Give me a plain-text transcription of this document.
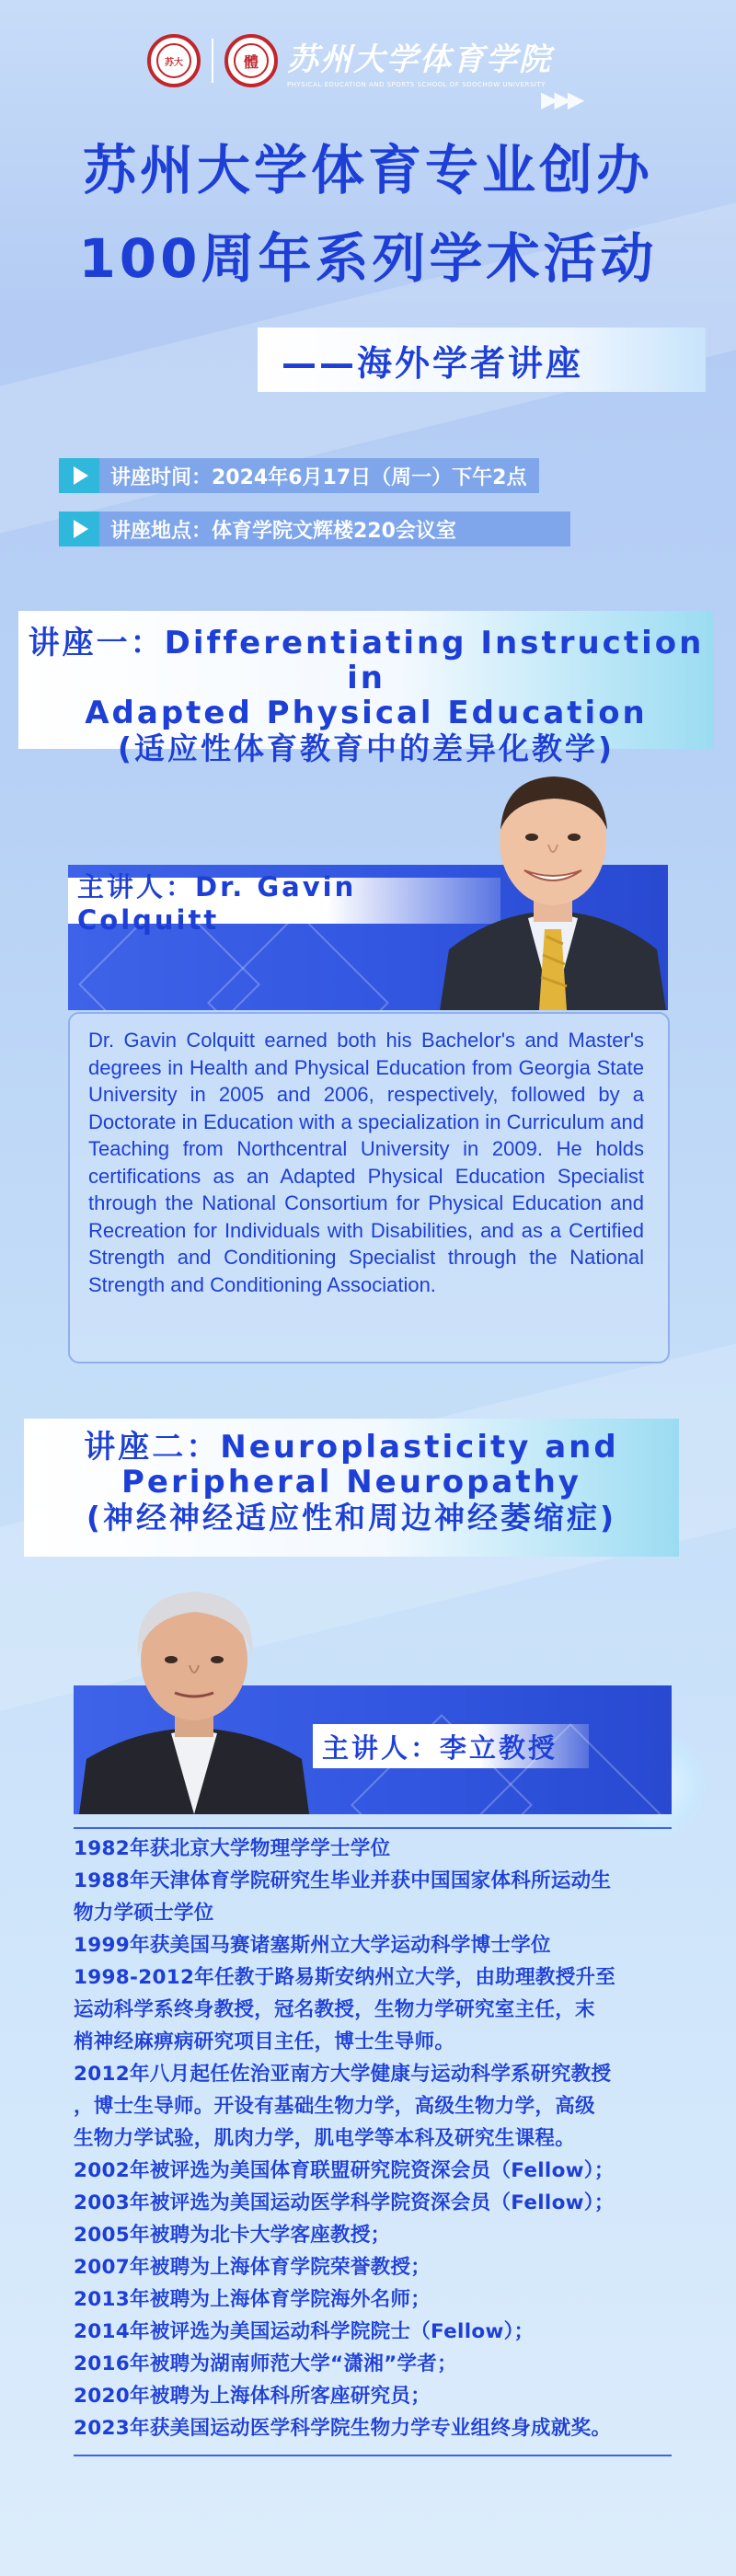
苏大	體 苏州大学体育学院
PHYSICAL EDUCATION AND SPORTS SCHOOL OF SOOCHOW UNIVERSITY
▶▶▶
苏州大学体育专业创办
100周年系列学术活动
——海外学者讲座
讲座时间：2024年6月17日（周一）下午2点
讲座地点：体育学院文辉楼220会议室
讲座一：Differentiating Instruction in
Adapted Physical Education
(适应性体育教育中的差异化教学)
主讲人：Dr. Gavin Colquitt
Dr. Gavin Colquitt earned both his Bachelor's and Master's degrees in Health and Physical Education from Georgia State University in 2005 and 2006, respectively, followed by a Doctorate in Education with a specialization in Curriculum and Teaching from Northcentral University in 2009. He holds certifications as an Adapted Physical Education Specialist through the National Consortium for Physical Education and Recreation for Individuals with Disabilities, and as a Certified Strength and Conditioning Specialist through the National Strength and Conditioning Association.
讲座二：Neuroplasticity and
Peripheral Neuropathy
(神经神经适应性和周边神经萎缩症)
主讲人：李立教授
1982年获北京大学物理学学士学位
1988年天津体育学院研究生毕业并获中国国家体科所运动生
物力学硕士学位
1999年获美国马赛诸塞斯州立大学运动科学博士学位
1998-2012年任教于路易斯安纳州立大学，由助理教授升至
运动科学系终身教授，冠名教授，生物力学研究室主任，末
梢神经麻痹病研究项目主任，博士生导师。
2012年八月起任佐治亚南方大学健康与运动科学系研究教授
，博士生导师。开设有基础生物力学，高级生物力学，高级
生物力学试验，肌肉力学，肌电学等本科及研究生课程。
2002年被评选为美国体育联盟研究院资深会员（Fellow）；
2003年被评选为美国运动医学科学院资深会员（Fellow）；
2005年被聘为北卡大学客座教授；
2007年被聘为上海体育学院荣誉教授；
2013年被聘为上海体育学院海外名师；
2014年被评选为美国运动科学院院士（Fellow）；
2016年被聘为湖南师范大学“潇湘”学者；
2020年被聘为上海体科所客座研究员；
2023年获美国运动医学科学院生物力学专业组终身成就奖。
